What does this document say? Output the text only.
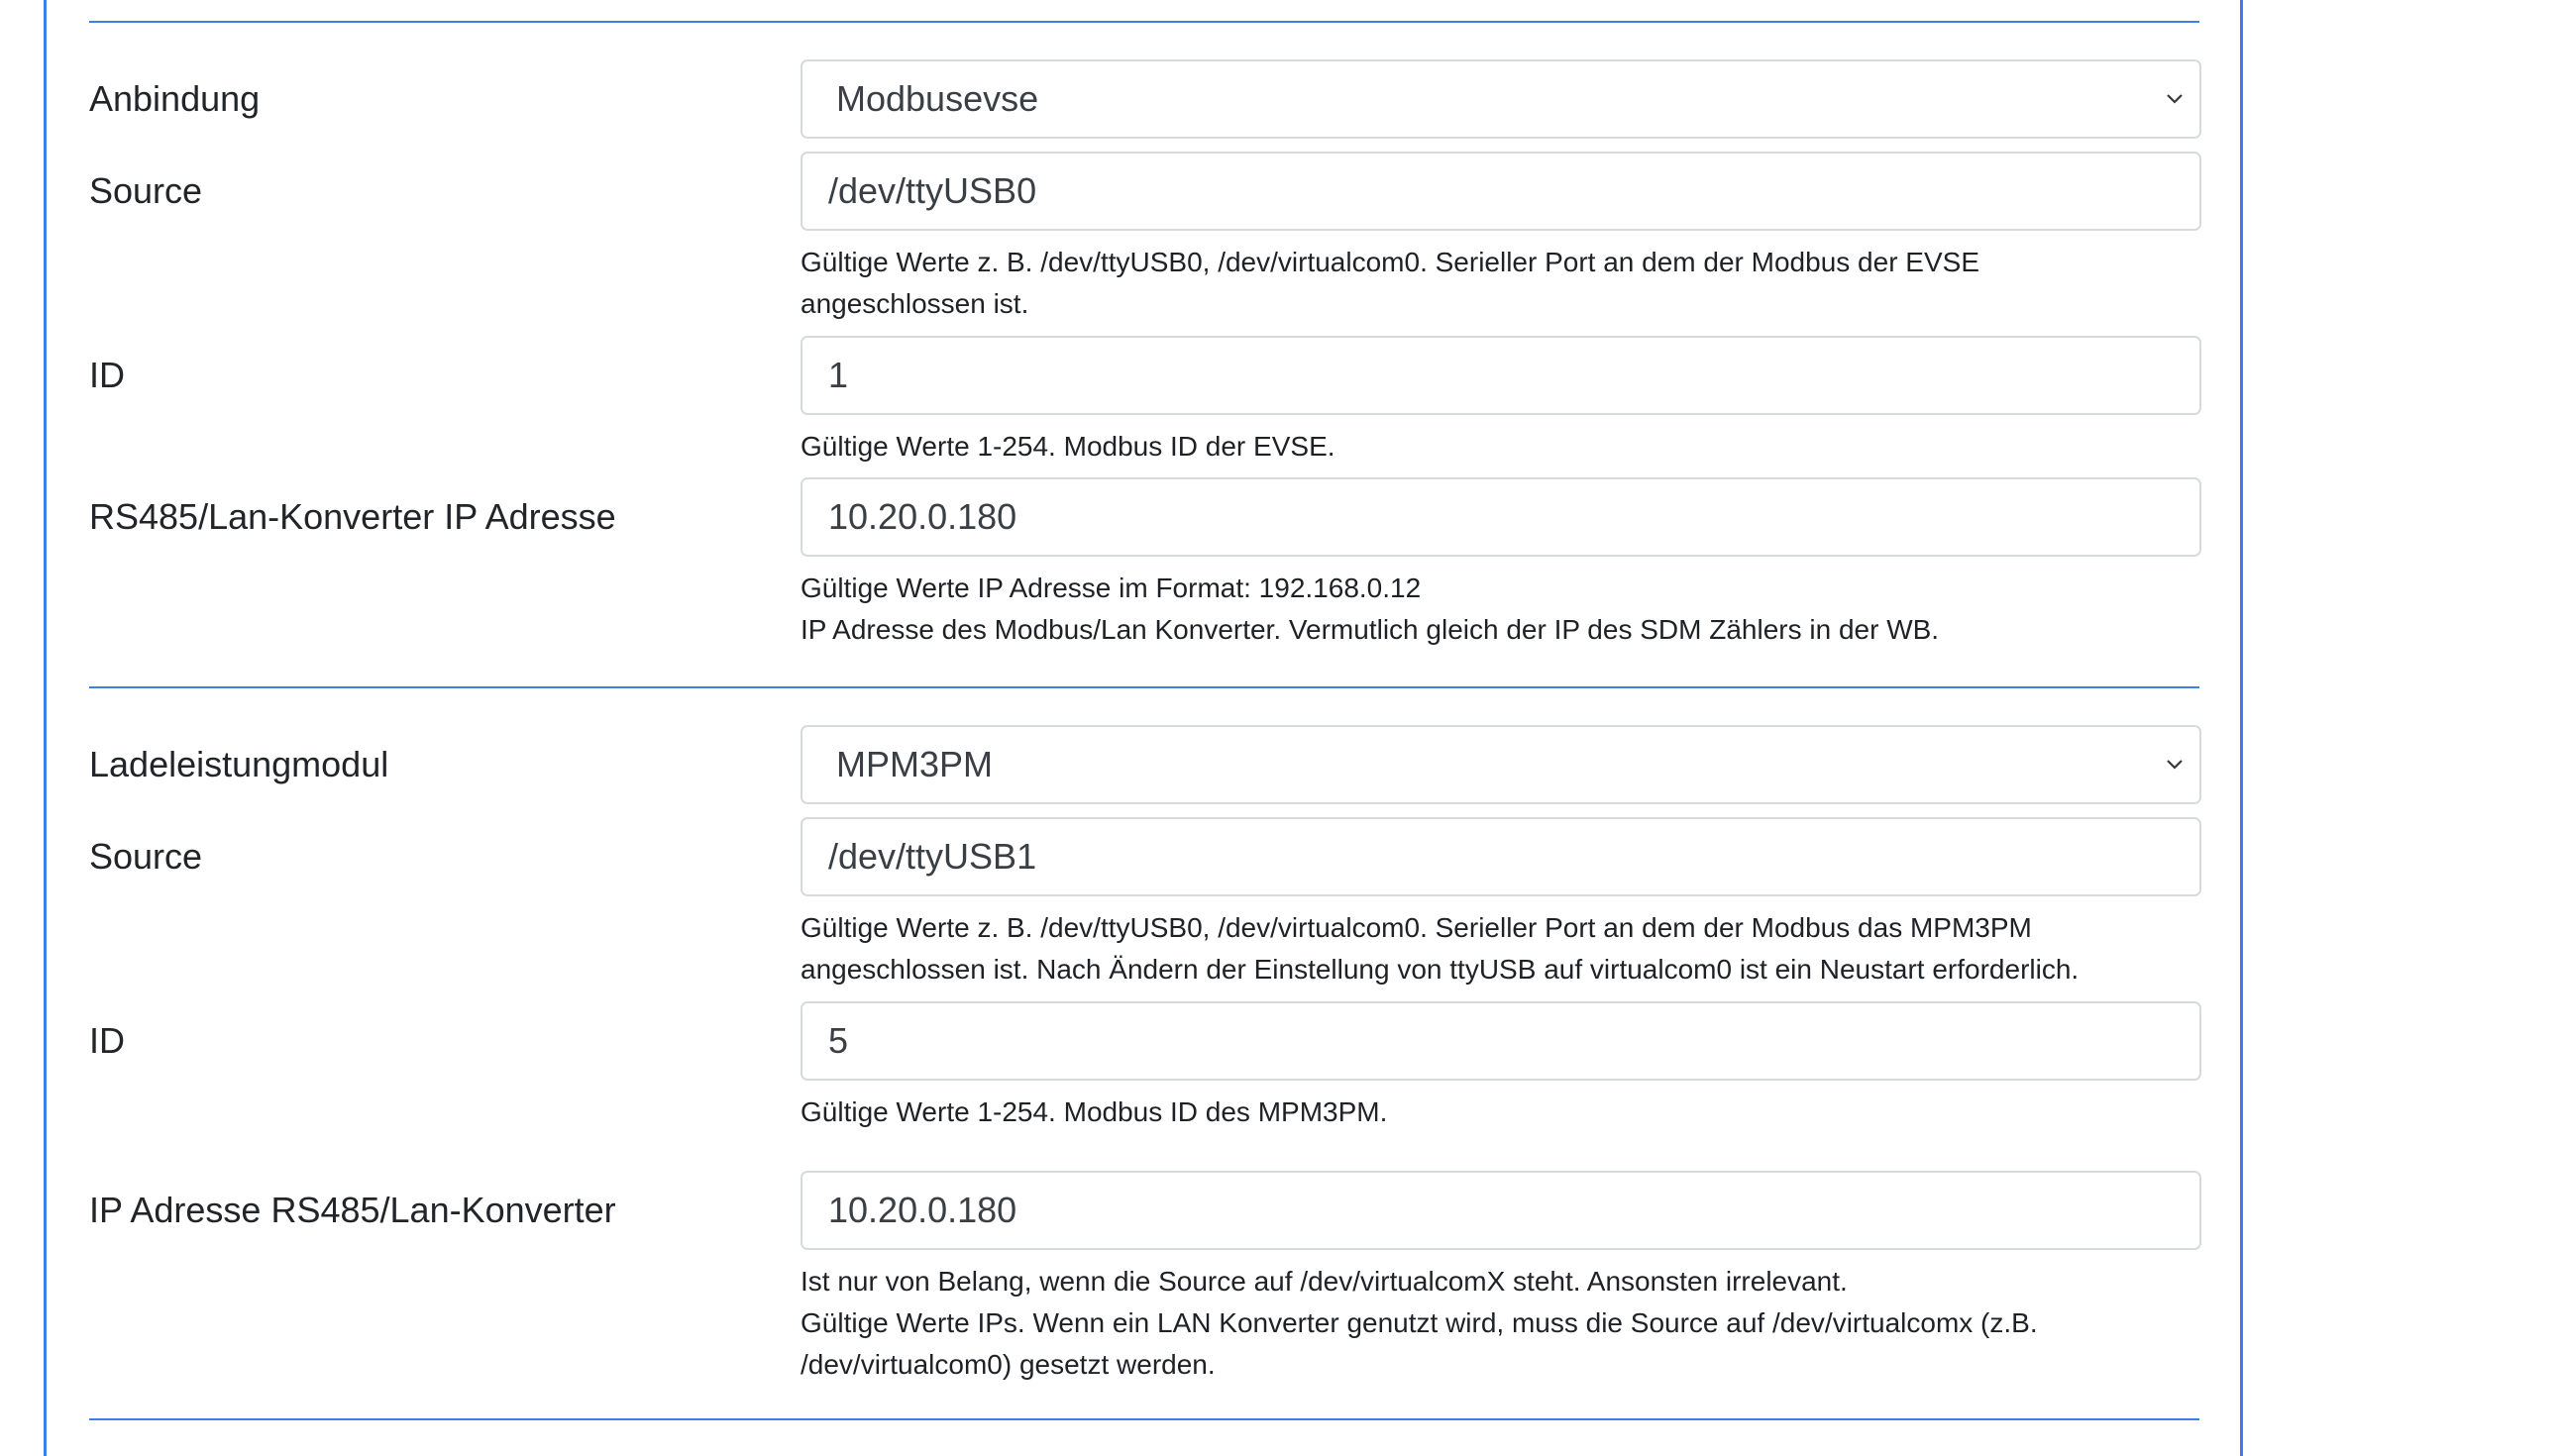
Anbindung	Modbusevse
Source
/dev/ttyUSB0

Gültige Werte z. B. /dev/ttyUSB0, /dev/virtualcom0. Serieller Port an dem der Modbus der EVSE

angeschlossen ist.

ID
1
Gültige Werte 1-254. Modbus ID der EVSE.
RS485/Lan-Konverter IP Adresse
10.20.0.180

Gültige Werte IP Adresse im Format: 192.168.0.12

IP Adresse des Modbus/Lan Konverter. Vermutlich gleich der IP des SDM Zählers in der WB.

Ladeleistungmodul	MPM3PM
Source
/dev/ttyUSB1

Gültige Werte z. B. /dev/ttyUSB0, /dev/virtualcom0. Serieller Port an dem der Modbus das MPM3PM

angeschlossen ist. Nach Ändern der Einstellung von ttyUSB auf virtualcom0 ist ein Neustart erforderlich.

ID
5
Gültige Werte 1-254. Modbus ID des MPM3PM.
IP Adresse RS485/Lan-Konverter
10.20.0.180

Ist nur von Belang, wenn die Source auf /dev/virtualcomX steht. Ansonsten irrelevant.

Gültige Werte IPs. Wenn ein LAN Konverter genutzt wird, muss die Source auf /dev/virtualcomx (z.B.

/dev/virtualcom0) gesetzt werden.
